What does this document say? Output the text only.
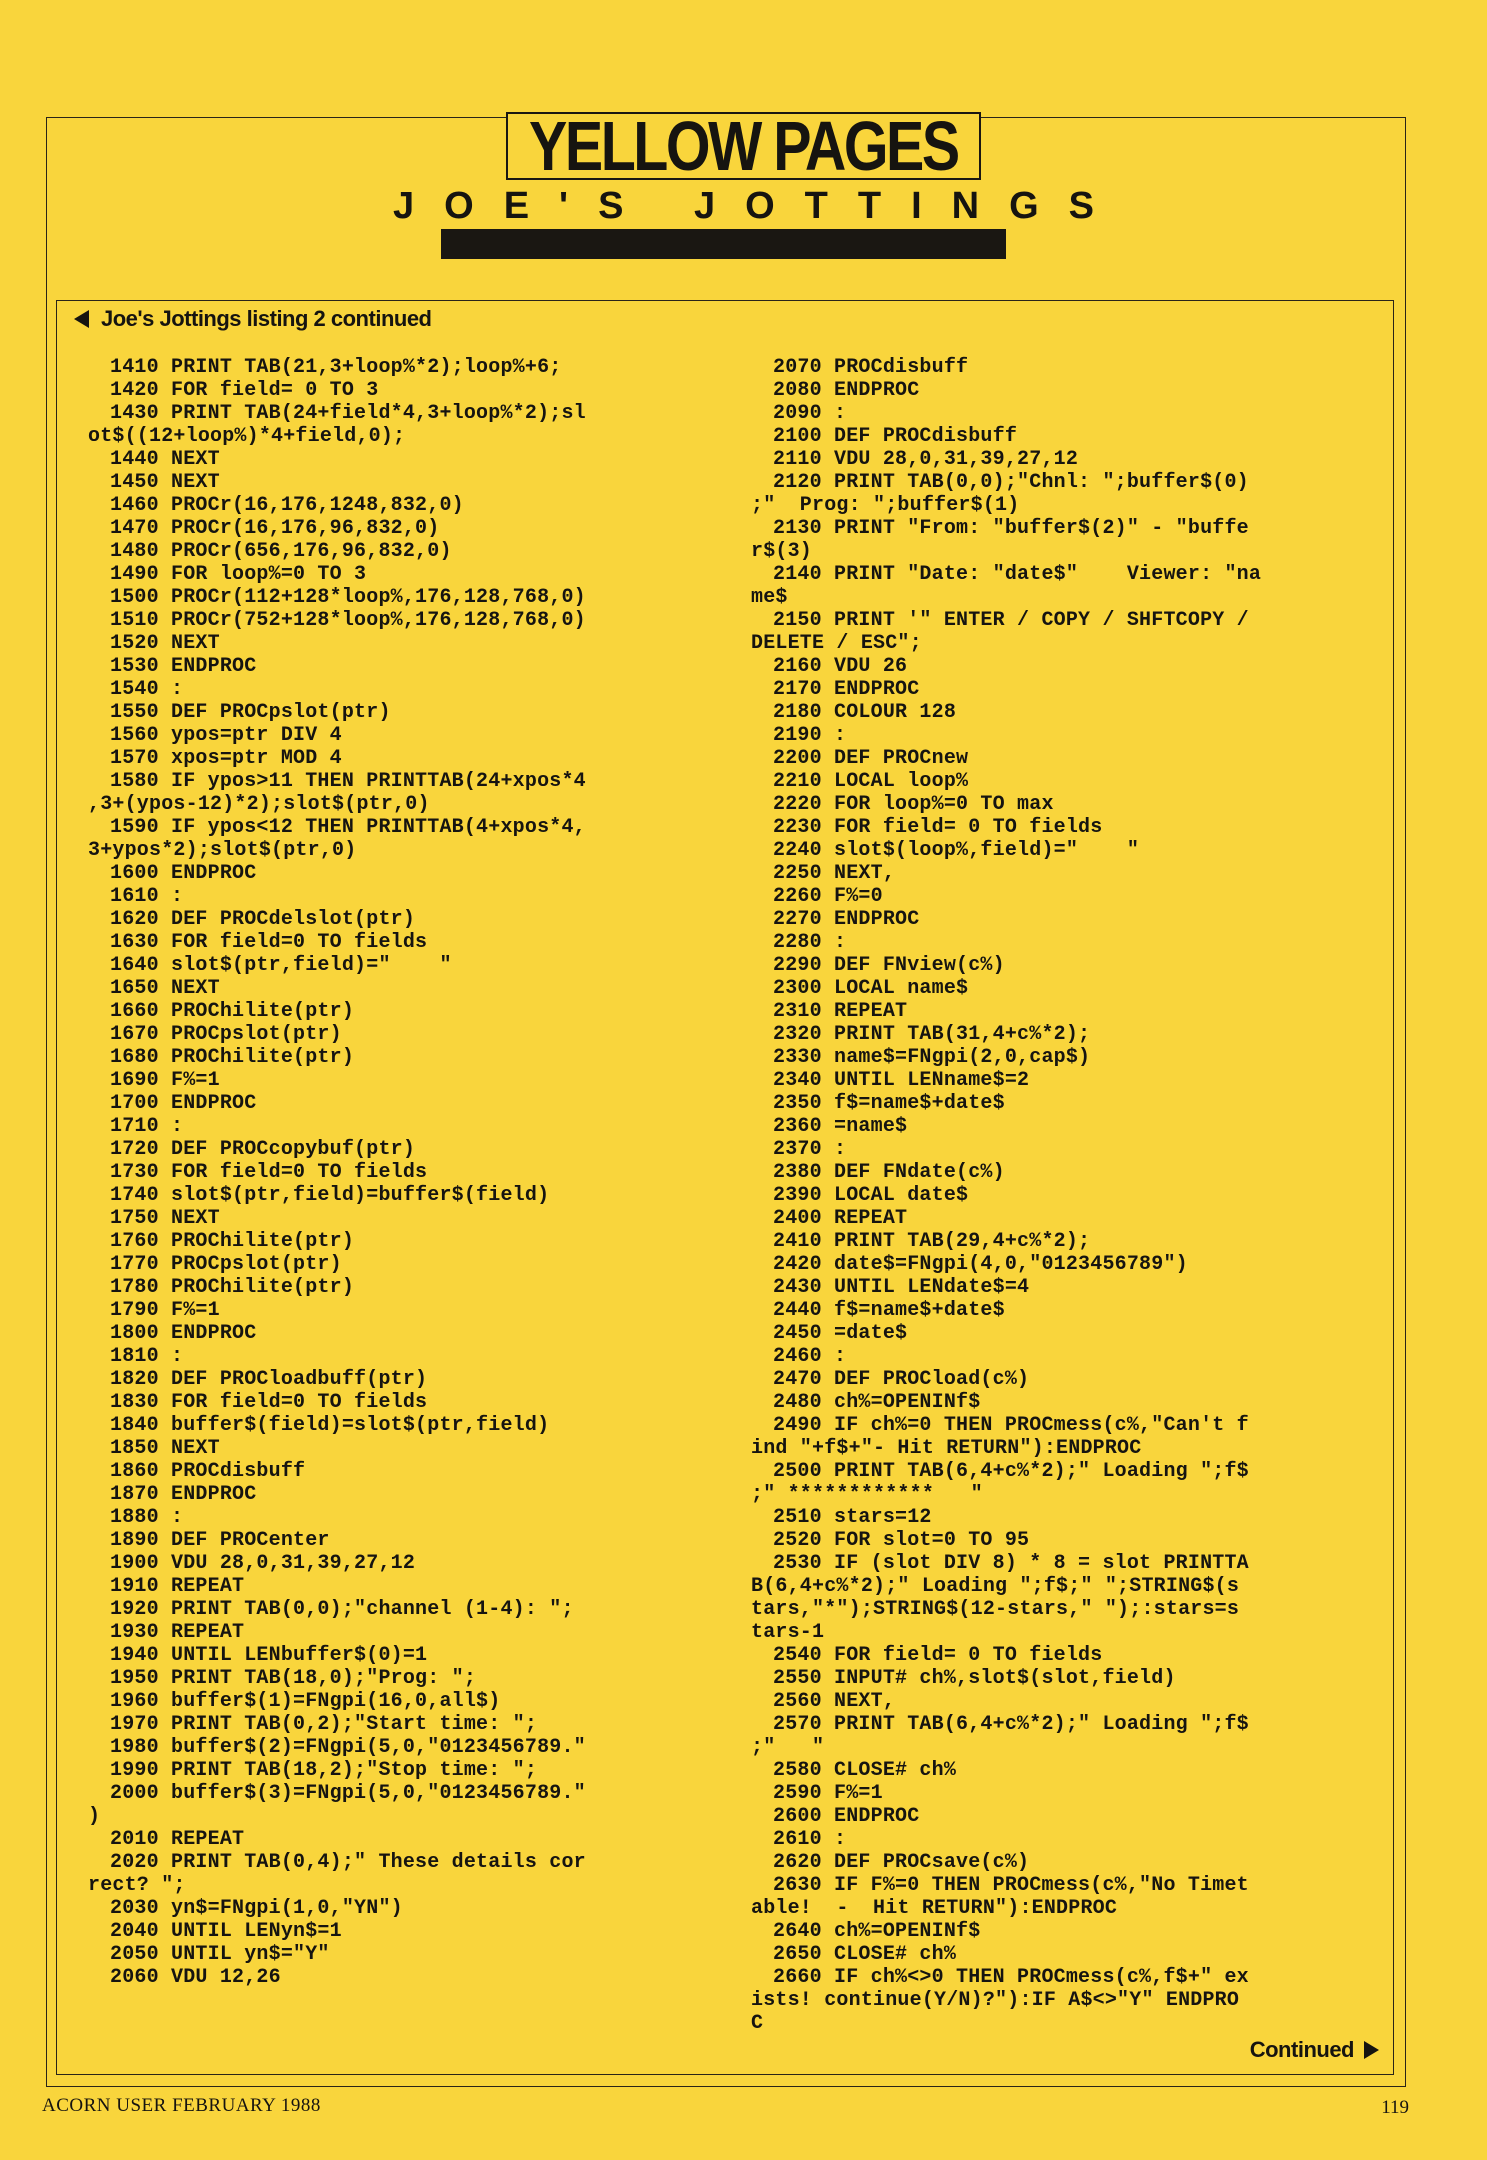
YELLOW PAGES
JOE'S JOTTINGS
Joe's Jottings listing 2 continued
1410 PRINT TAB(21,3+loop%*2);loop%+6;
1420 FOR field= 0 TO 3
1430 PRINT TAB(24+field*4,3+loop%*2);sl
ot$((12+loop%)*4+field,0);
1440 NEXT
1450 NEXT
1460 PROCr(16,176,1248,832,0)
1470 PROCr(16,176,96,832,0)
1480 PROCr(656,176,96,832,0)
1490 FOR loop%=0 TO 3
1500 PROCr(112+128*loop%,176,128,768,0)
1510 PROCr(752+128*loop%,176,128,768,0)
1520 NEXT
1530 ENDPROC
1540 :
1550 DEF PROCpslot(ptr)
1560 ypos=ptr DIV 4
1570 xpos=ptr MOD 4
1580 IF ypos>11 THEN PRINTTAB(24+xpos*4
,3+(ypos-12)*2);slot$(ptr,0)
1590 IF ypos<12 THEN PRINTTAB(4+xpos*4,
3+ypos*2);slot$(ptr,0)
1600 ENDPROC
1610 :
1620 DEF PROCdelslot(ptr)
1630 FOR field=0 TO fields
1640 slot$(ptr,field)="    "
1650 NEXT
1660 PROChilite(ptr)
1670 PROCpslot(ptr)
1680 PROChilite(ptr)
1690 F%=1
1700 ENDPROC
1710 :
1720 DEF PROCcopybuf(ptr)
1730 FOR field=0 TO fields
1740 slot$(ptr,field)=buffer$(field)
1750 NEXT
1760 PROChilite(ptr)
1770 PROCpslot(ptr)
1780 PROChilite(ptr)
1790 F%=1
1800 ENDPROC
1810 :
1820 DEF PROCloadbuff(ptr)
1830 FOR field=0 TO fields
1840 buffer$(field)=slot$(ptr,field)
1850 NEXT
1860 PROCdisbuff
1870 ENDPROC
1880 :
1890 DEF PROCenter
1900 VDU 28,0,31,39,27,12
1910 REPEAT
1920 PRINT TAB(0,0);"channel (1-4): ";
1930 REPEAT
1940 UNTIL LENbuffer$(0)=1
1950 PRINT TAB(18,0);"Prog: ";
1960 buffer$(1)=FNgpi(16,0,all$)
1970 PRINT TAB(0,2);"Start time: ";
1980 buffer$(2)=FNgpi(5,0,"0123456789."
1990 PRINT TAB(18,2);"Stop time: ";
2000 buffer$(3)=FNgpi(5,0,"0123456789."
)
2010 REPEAT
2020 PRINT TAB(0,4);" These details cor
rect? ";
2030 yn$=FNgpi(1,0,"YN")
2040 UNTIL LENyn$=1
2050 UNTIL yn$="Y"
2060 VDU 12,26
2070 PROCdisbuff
2080 ENDPROC
2090 :
2100 DEF PROCdisbuff
2110 VDU 28,0,31,39,27,12
2120 PRINT TAB(0,0);"Chnl: ";buffer$(0)
;"  Prog: ";buffer$(1)
2130 PRINT "From: "buffer$(2)" - "buffe
r$(3)
2140 PRINT "Date: "date$"    Viewer: "na
me$
2150 PRINT '" ENTER / COPY / SHFTCOPY /
DELETE / ESC";
2160 VDU 26
2170 ENDPROC
2180 COLOUR 128
2190 :
2200 DEF PROCnew
2210 LOCAL loop%
2220 FOR loop%=0 TO max
2230 FOR field= 0 TO fields
2240 slot$(loop%,field)="    "
2250 NEXT,
2260 F%=0
2270 ENDPROC
2280 :
2290 DEF FNview(c%)
2300 LOCAL name$
2310 REPEAT
2320 PRINT TAB(31,4+c%*2);
2330 name$=FNgpi(2,0,cap$)
2340 UNTIL LENname$=2
2350 f$=name$+date$
2360 =name$
2370 :
2380 DEF FNdate(c%)
2390 LOCAL date$
2400 REPEAT
2410 PRINT TAB(29,4+c%*2);
2420 date$=FNgpi(4,0,"0123456789")
2430 UNTIL LENdate$=4
2440 f$=name$+date$
2450 =date$
2460 :
2470 DEF PROCload(c%)
2480 ch%=OPENINf$
2490 IF ch%=0 THEN PROCmess(c%,"Can't f
ind "+f$+"- Hit RETURN"):ENDPROC
2500 PRINT TAB(6,4+c%*2);" Loading ";f$
;" ************   "
2510 stars=12
2520 FOR slot=0 TO 95
2530 IF (slot DIV 8) * 8 = slot PRINTTA
B(6,4+c%*2);" Loading ";f$;" ";STRING$(s
tars,"*");STRING$(12-stars," ");:stars=s
tars-1
2540 FOR field= 0 TO fields
2550 INPUT# ch%,slot$(slot,field)
2560 NEXT,
2570 PRINT TAB(6,4+c%*2);" Loading ";f$
;"   "
2580 CLOSE# ch%
2590 F%=1
2600 ENDPROC
2610 :
2620 DEF PROCsave(c%)
2630 IF F%=0 THEN PROCmess(c%,"No Timet
able!  -  Hit RETURN"):ENDPROC
2640 ch%=OPENINf$
2650 CLOSE# ch%
2660 IF ch%<>0 THEN PROCmess(c%,f$+" ex
ists! continue(Y/N)?"):IF A$<>"Y" ENDPRO
C
Continued
ACORN USER FEBRUARY 1988	119
